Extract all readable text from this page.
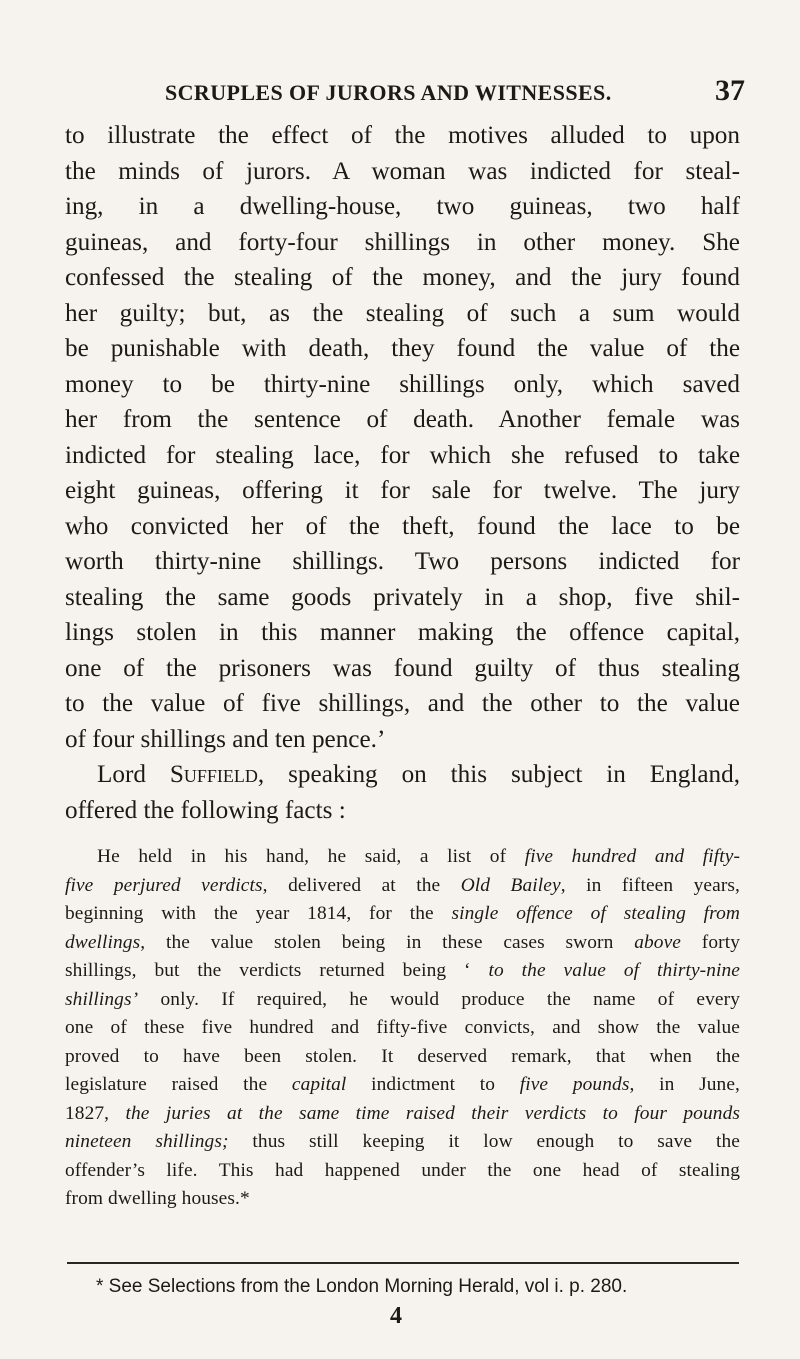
SCRUPLES OF JURORS AND WITNESSES.	37
to illustrate the effect of the motives alluded to upon
the minds of jurors. A woman was indicted for steal-
ing, in a dwelling-house, two guineas, two half
guineas, and forty-four shillings in other money. She
confessed the stealing of the money, and the jury found
her guilty; but, as the stealing of such a sum would
be punishable with death, they found the value of the
money to be thirty-nine shillings only, which saved
her from the sentence of death. Another female was
indicted for stealing lace, for which she refused to take
eight guineas, offering it for sale for twelve. The jury
who convicted her of the theft, found the lace to be
worth thirty-nine shillings. Two persons indicted for
stealing the same goods privately in a shop, five shil-
lings stolen in this manner making the offence capital,
one of the prisoners was found guilty of thus stealing
to the value of five shillings, and the other to the value
of four shillings and ten pence.’
Lord Suffield, speaking on this subject in England,
offered the following facts :
He held in his hand, he said, a list of five hundred and fifty-
five perjured verdicts, delivered at the Old Bailey, in fifteen years,
beginning with the year 1814, for the single offence of stealing from
dwellings, the value stolen being in these cases sworn above forty
shillings, but the verdicts returned being ‘ to the value of thirty-nine
shillings’ only. If required, he would produce the name of every
one of these five hundred and fifty-five convicts, and show the value
proved to have been stolen. It deserved remark, that when the
legislature raised the capital indictment to five pounds, in June,
1827, the juries at the same time raised their verdicts to four pounds
nineteen shillings; thus still keeping it low enough to save the
offender’s life. This had happened under the one head of stealing
from dwelling houses.*
* See Selections from the London Morning Herald, vol i. p. 280.
4
